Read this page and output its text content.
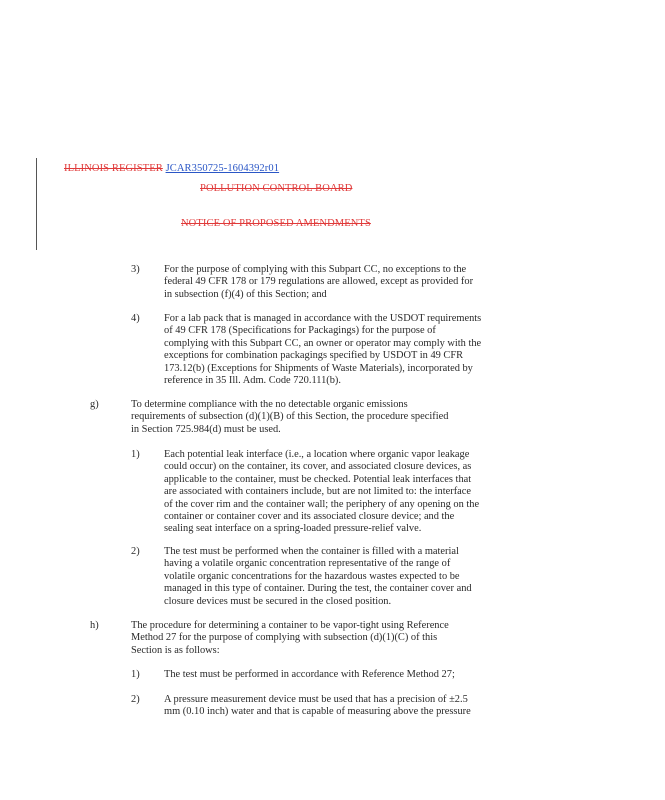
ILLINOIS REGISTER JCAR350725-1604392r01
POLLUTION CONTROL BOARD
NOTICE OF PROPOSED AMENDMENTS
3) For the purpose of complying with this Subpart CC, no exceptions to the federal 49 CFR 178 or 179 regulations are allowed, except as provided for in subsection (f)(4) of this Section; and
4) For a lab pack that is managed in accordance with the USDOT requirements of 49 CFR 178 (Specifications for Packagings) for the purpose of complying with this Subpart CC, an owner or operator may comply with the exceptions for combination packagings specified by USDOT in 49 CFR 173.12(b) (Exceptions for Shipments of Waste Materials), incorporated by reference in 35 Ill. Adm. Code 720.111(b).
g)	To determine compliance with the no detectable organic emissions requirements of subsection (d)(1)(B) of this Section, the procedure specified in Section 725.984(d) must be used.
1) Each potential leak interface (i.e., a location where organic vapor leakage could occur) on the container, its cover, and associated closure devices, as applicable to the container, must be checked. Potential leak interfaces that are associated with containers include, but are not limited to: the interface of the cover rim and the container wall; the periphery of any opening on the container or container cover and its associated closure device; and the sealing seat interface on a spring-loaded pressure-relief valve.
2) The test must be performed when the container is filled with a material having a volatile organic concentration representative of the range of volatile organic concentrations for the hazardous wastes expected to be managed in this type of container. During the test, the container cover and closure devices must be secured in the closed position.
h)	The procedure for determining a container to be vapor-tight using Reference Method 27 for the purpose of complying with subsection (d)(1)(C) of this Section is as follows:
1) The test must be performed in accordance with Reference Method 27;
2) A pressure measurement device must be used that has a precision of ±2.5 mm (0.10 inch) water and that is capable of measuring above the pressure
